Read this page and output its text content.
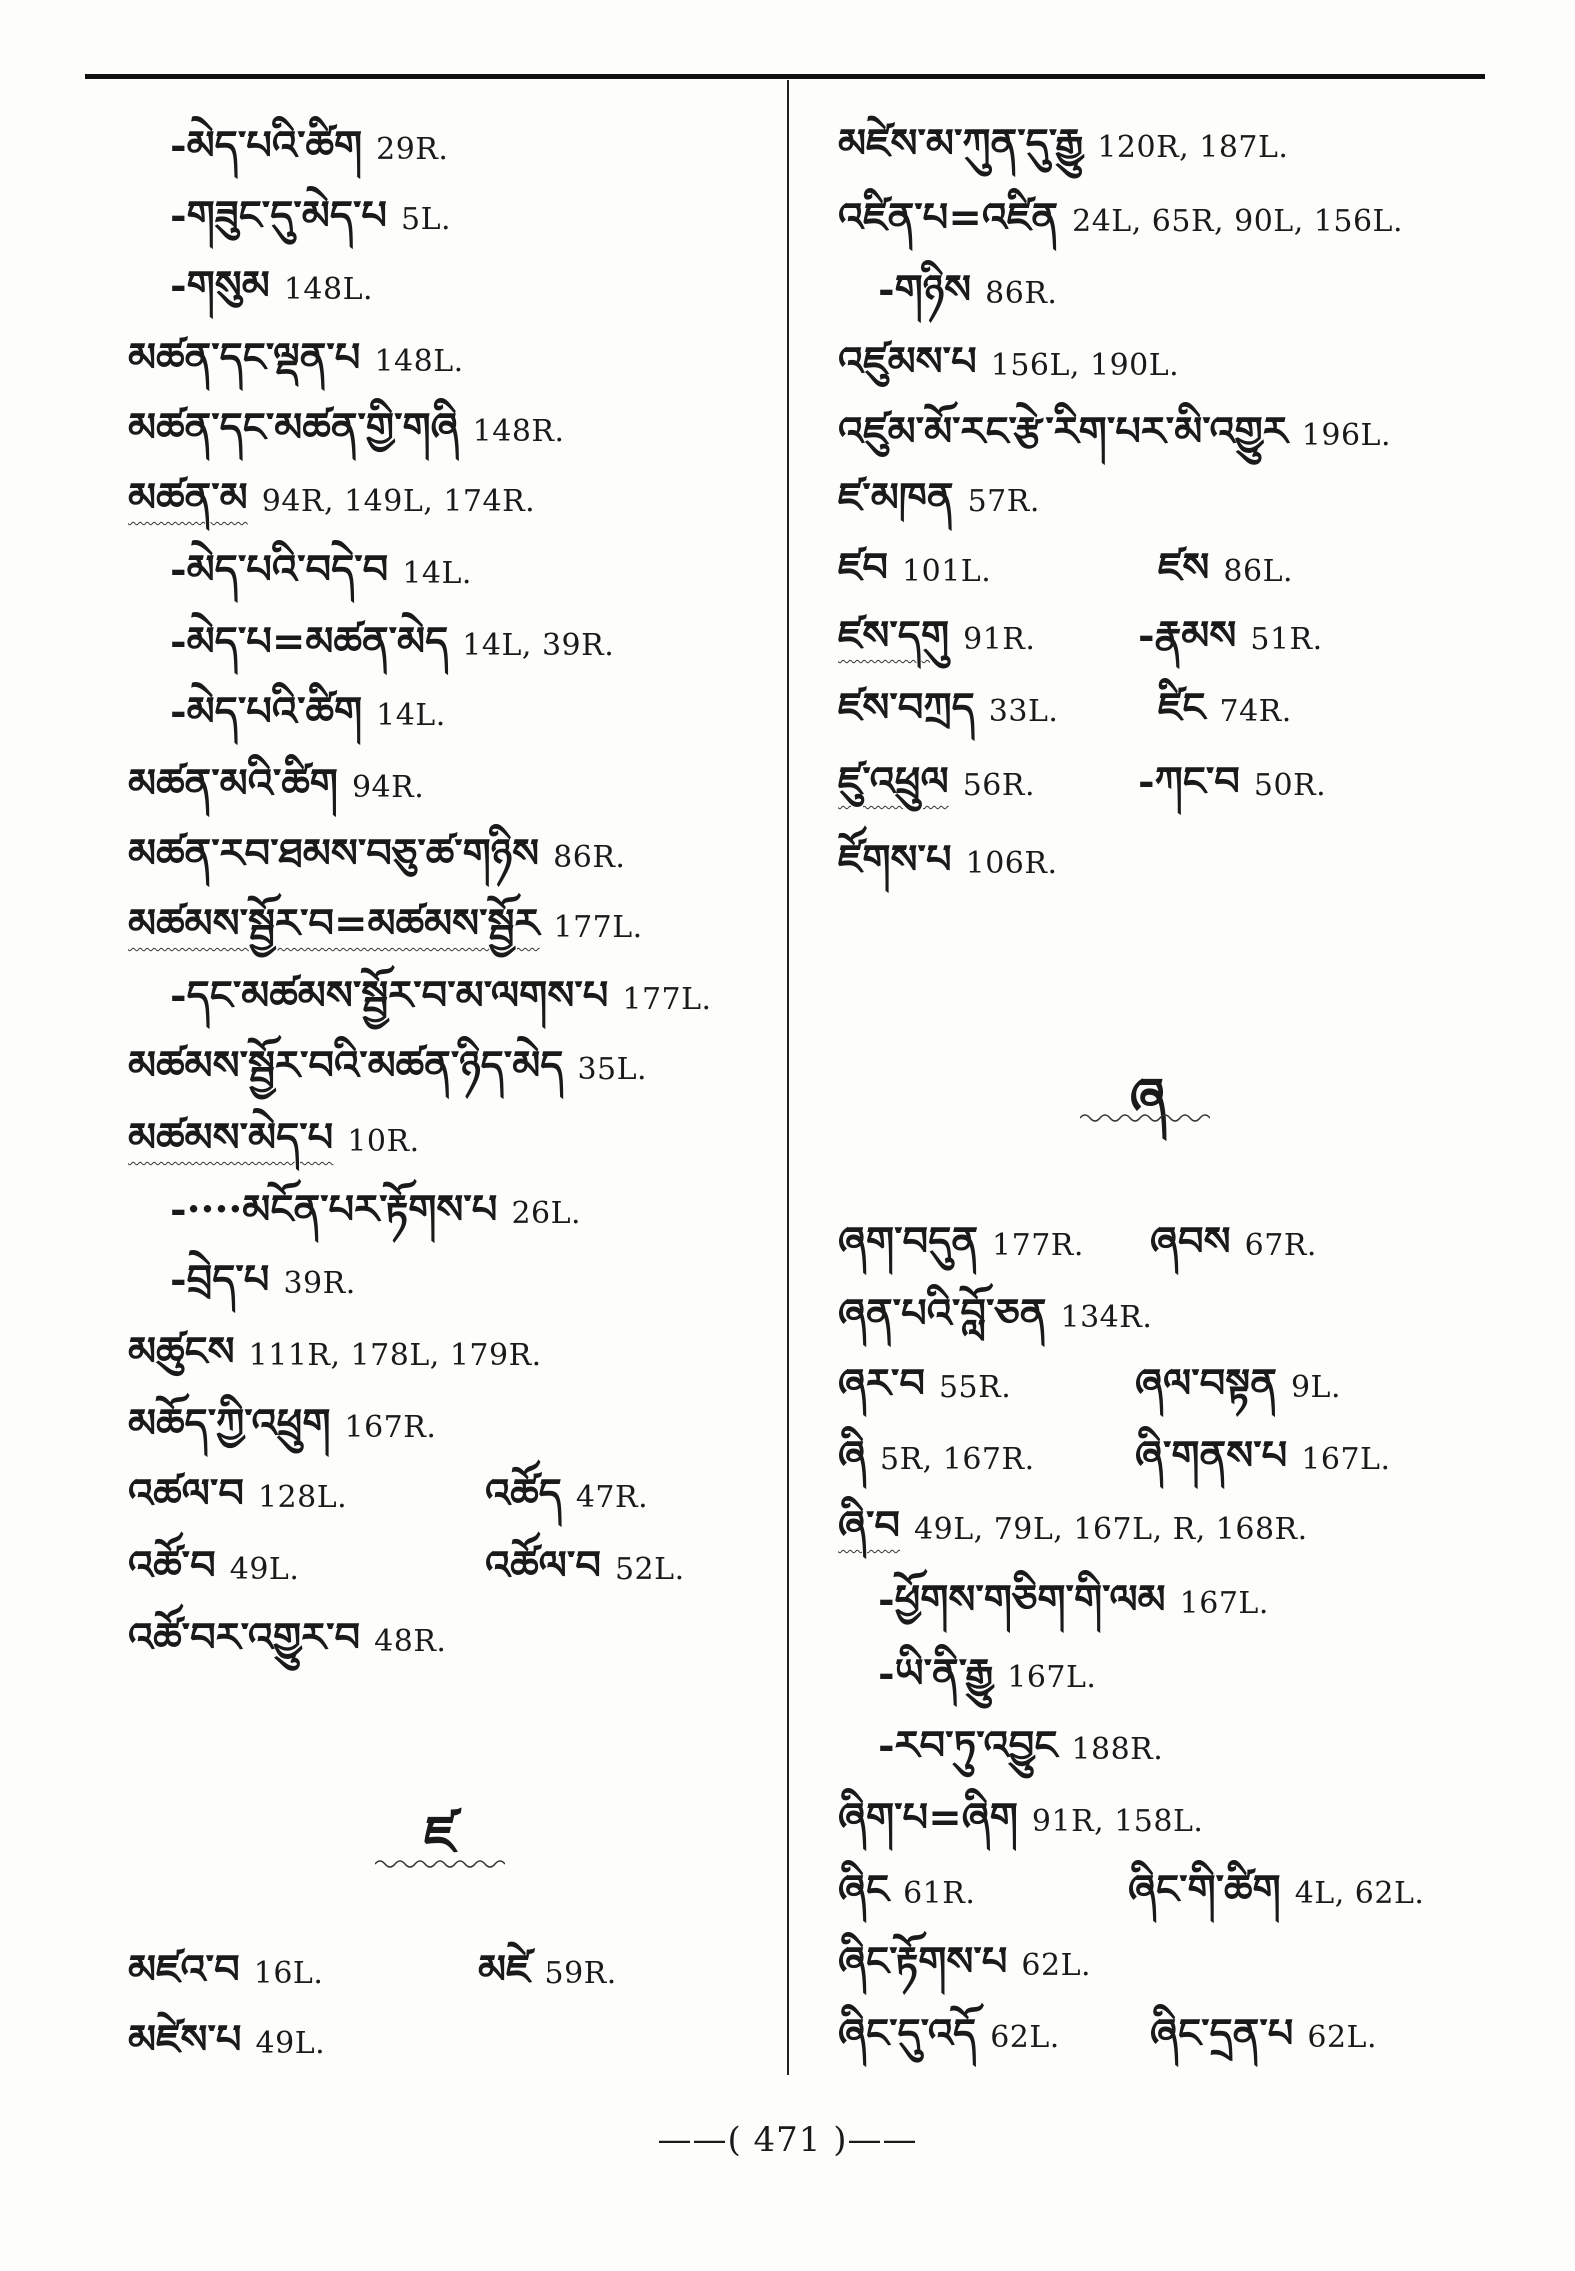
-མེད་པའི་ཚིག 29R.
-གཟུང་དུ་མེད་པ 5L.
-གསུམ 148L.
མཚན་དང་ལྡན་པ 148L.
མཚན་དང་མཚན་གྱི་གཞི 148R.
མཚན་མ 94R, 149L, 174R.
-མེད་པའི་བདེ་བ 14L.
-མེད་པ=མཚན་མེད 14L, 39R.
-མེད་པའི་ཚིག 14L.
མཚན་མའི་ཚིག 94R.
མཚན་རབ་ཐམས་བཅུ་ཚ་གཉིས 86R.
མཚམས་སྦྱོར་བ=མཚམས་སྦྱོར 177L.
-དང་མཚམས་སྦྱོར་བ་མ་ལགས་པ 177L.
མཚམས་སྦྱོར་བའི་མཚན་ཉིད་མེད 35L.
མཚམས་མེད་པ 10R.
-····མངོན་པར་རྟོགས་པ 26L.
-བྲེད་པ 39R.
མཚུངས 111R, 178L, 179R.
མཆོད་ཀྱི་འཕྲུག 167R.
འཚལ་བ 128L.	འཚོད 47R.
འཚོ་བ 49L.	འཚོལ་བ 52L.
འཚོ་བར་འགྱུར་བ 48R.
ཛ
མཛའ་བ 16L.	མཛེ 59R.
མཛེས་པ 49L.
མཛེས་མ་ཀུན་དུ་རྒྱུ 120R, 187L.
འཛིན་པ=འཛིན 24L, 65R, 90L, 156L.
-གཉིས 86R.
འཛུམས་པ 156L, 190L.
འཛུམ་མོ་རང་རྩེ་རིག་པར་མི་འགྱུར 196L.
ཛ་མཁན 57R.
ཛབ 101L.	ཛས 86L.
ཛས་དགུ 91R.	-རྣམས 51R.
ཛས་བཀྲད 33L. ཛིང 74R.
ཛུ་འཕྲུལ 56R.	-ཀང་བ 50R.
ཛོགས་པ 106R.
ཞ
ཞག་བདུན 177R. ཞབས 67R.
ཞན་པའི་བློ་ཅན 134R.
ཞར་བ 55R.	ཞལ་བསྟན 9L.
ཞི 5R, 167R.	ཞི་གནས་པ 167L.
ཞི་བ 49L, 79L, 167L, R, 168R.
-ཕྱོགས་གཅིག་གི་ལམ 167L.
-ཡི་ནི་རྒྱུ 167L.
-རབ་ཏུ་འབྱུང 188R.
ཞིག་པ=ཞིག 91R, 158L.
ཞིང 61R.	ཞིང་གི་ཚིག 4L, 62L.
ཞིང་རྟོགས་པ 62L.
ཞིང་དུ་འདོ 62L. ཞིང་དྲན་པ 62L.
——( 471 )——
